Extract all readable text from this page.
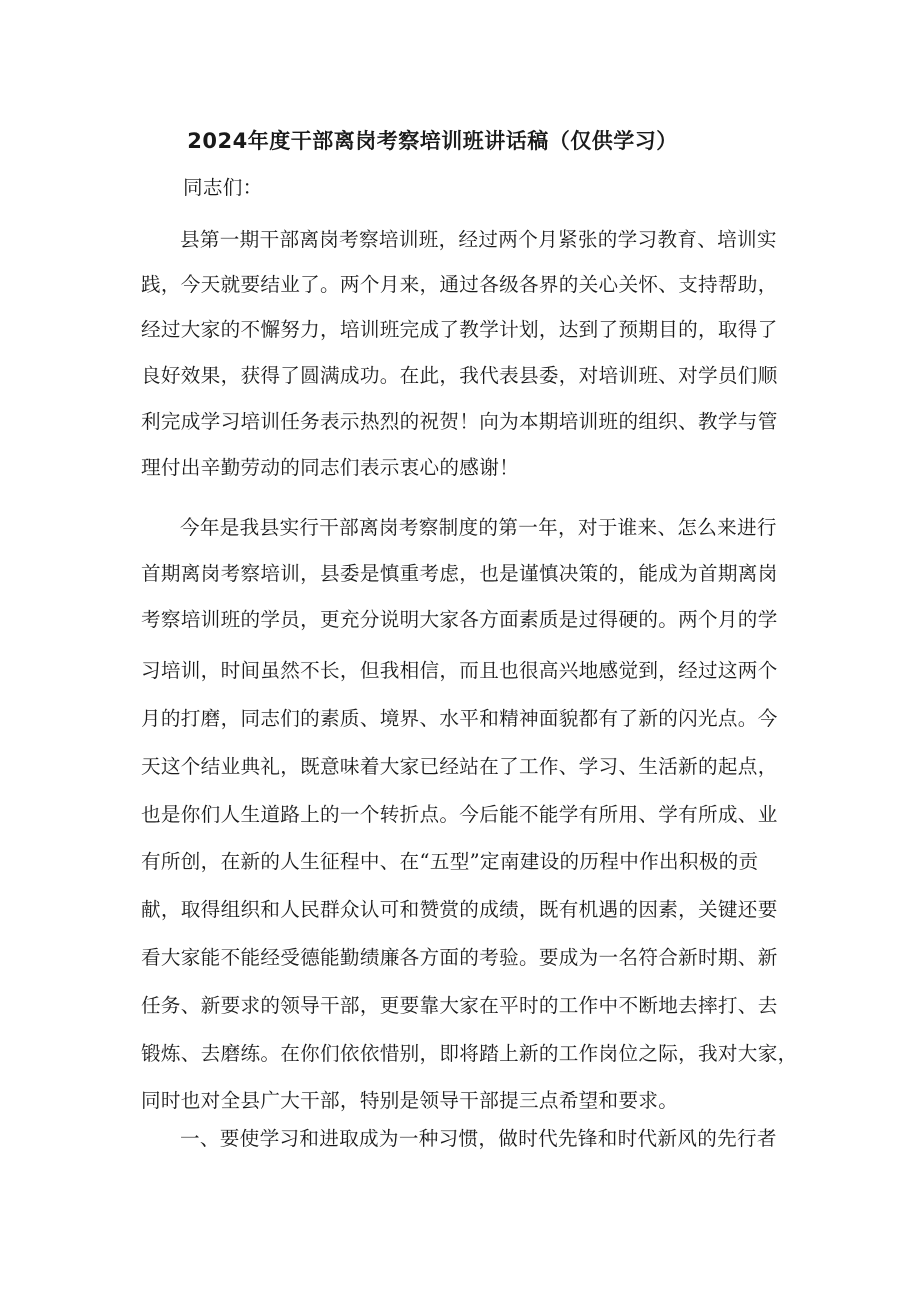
2024年度干部离岗考察培训班讲话稿（仅供学习）
同志们：
县第一期干部离岗考察培训班，经过两个月紧张的学习教育、培训实
践，今天就要结业了。两个月来，通过各级各界的关心关怀、支持帮助，
经过大家的不懈努力，培训班完成了教学计划，达到了预期目的，取得了
良好效果，获得了圆满成功。在此，我代表县委，对培训班、对学员们顺
利完成学习培训任务表示热烈的祝贺！向为本期培训班的组织、教学与管
理付出辛勤劳动的同志们表示衷心的感谢！
今年是我县实行干部离岗考察制度的第一年，对于谁来、怎么来进行
首期离岗考察培训，县委是慎重考虑，也是谨慎决策的，能成为首期离岗
考察培训班的学员，更充分说明大家各方面素质是过得硬的。两个月的学
习培训，时间虽然不长，但我相信，而且也很高兴地感觉到，经过这两个
月的打磨，同志们的素质、境界、水平和精神面貌都有了新的闪光点。今
天这个结业典礼，既意味着大家已经站在了工作、学习、生活新的起点，
也是你们人生道路上的一个转折点。今后能不能学有所用、学有所成、业
有所创，在新的人生征程中、在“五型”定南建设的历程中作出积极的贡
献，取得组织和人民群众认可和赞赏的成绩，既有机遇的因素，关键还要
看大家能不能经受德能勤绩廉各方面的考验。要成为一名符合新时期、新
任务、新要求的领导干部，更要靠大家在平时的工作中不断地去摔打、去
锻炼、去磨练。在你们依依惜别，即将踏上新的工作岗位之际，我对大家，
同时也对全县广大干部，特别是领导干部提三点希望和要求。
一、要使学习和进取成为一种习惯，做时代先锋和时代新风的先行者
